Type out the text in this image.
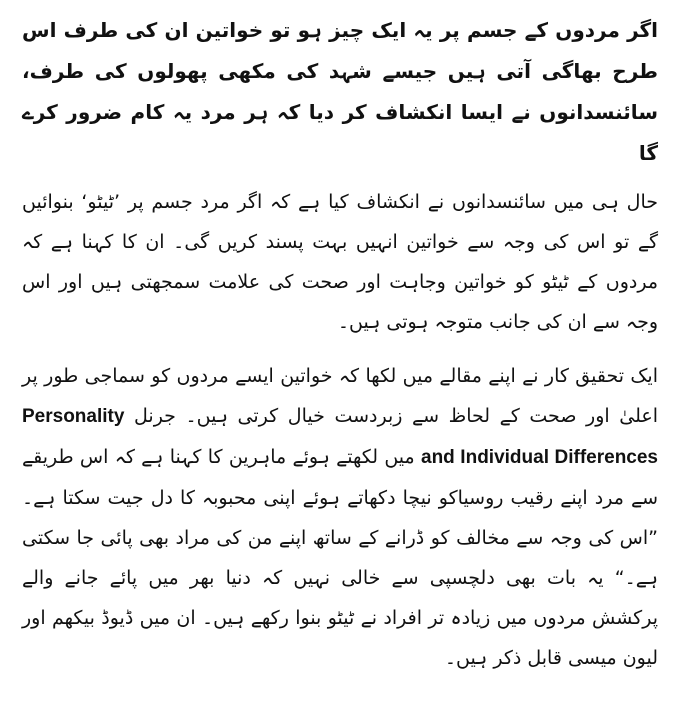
اگر مردوں کے جسم پر یہ ایک چیز ہو تو خواتین ان کی طرف اس طرح بھاگی آتی ہیں جیسے شہد کی مکھی پھولوں کی طرف، سائنسدانوں نے ایسا انکشاف کر دیا کہ ہر مرد یہ کام ضرور کرے گا

حال ہی میں سائنسدانوں نے انکشاف کیا ہے کہ اگر مرد جسم پر ’ٹیٹو‘ بنوائیں گے تو اس کی وجہ سے خواتین انہیں بہت پسند کریں گی۔ ان کا کہنا ہے کہ مردوں کے ٹیٹو کو خواتین وجاہت اور صحت کی علامت سمجھتی ہیں اور اس وجہ سے ان کی جانب متوجہ ہوتی ہیں۔

ایک تحقیق کار نے اپنے مقالے میں لکھا کہ خواتین ایسے مردوں کو سماجی طور پر اعلیٰ اور صحت کے لحاظ سے زبردست خیال کرتی ہیں۔ جرنل Personality and Individual Differences میں لکھتے ہوئے ماہرین کا کہنا ہے کہ اس طریقے سے مرد اپنے رقیب روسیاکو نیچا دکھاتے ہوئے اپنی محبوبہ کا دل جیت سکتا ہے۔ ”اس کی وجہ سے مخالف کو ڈرانے کے ساتھ اپنے من کی مراد بھی پائی جا سکتی ہے۔“ یہ بات بھی دلچسپی سے خالی نہیں کہ دنیا بھر میں پائے جانے والے پرکشش مردوں میں زیادہ تر افراد نے ٹیٹو بنوا رکھے ہیں۔ ان میں ڈیوڈ بیکھم اور لیون میسی قابل ذکر ہیں۔
